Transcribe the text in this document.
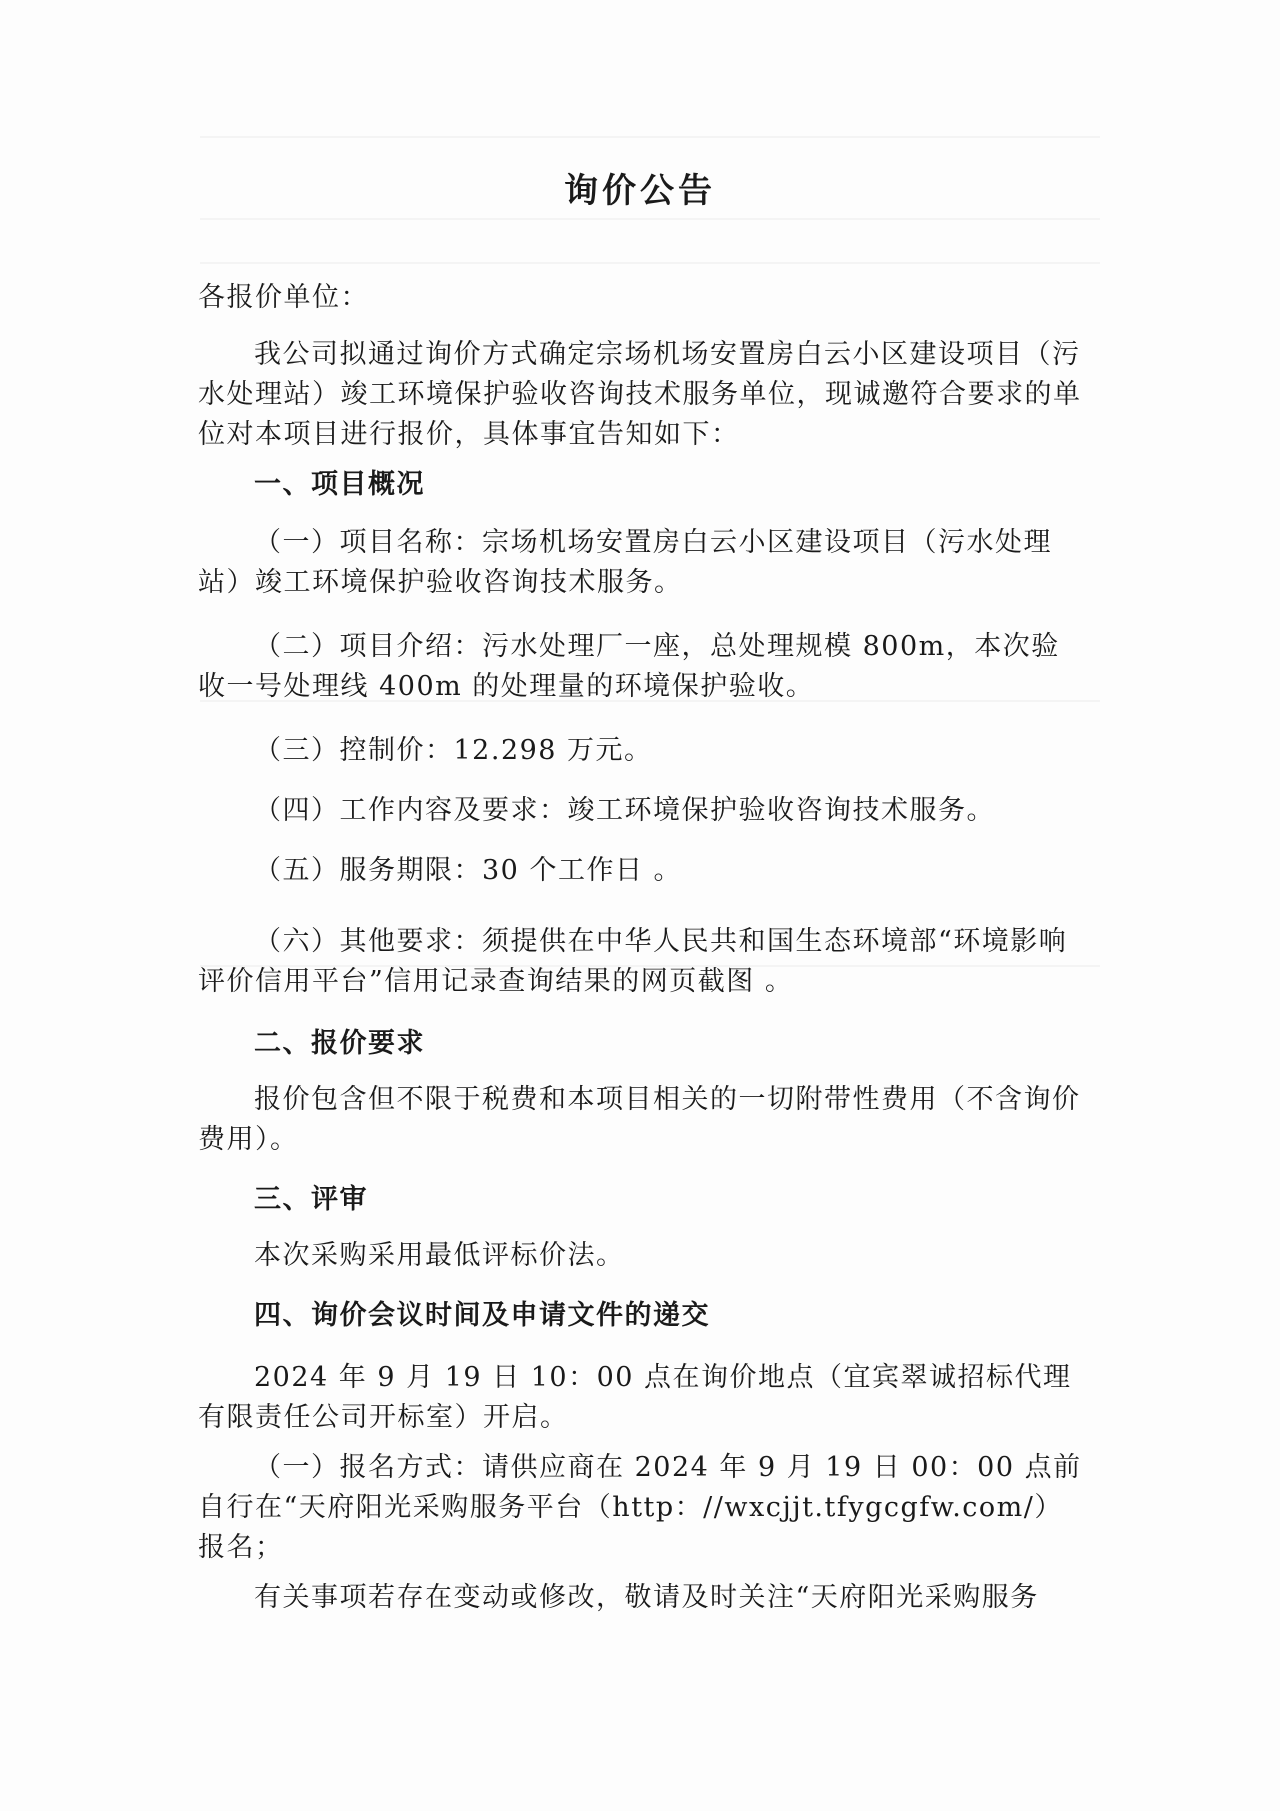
询价公告
各报价单位：
我公司拟通过询价方式确定宗场机场安置房白云小区建设项目（污水处理站）竣工环境保护验收咨询技术服务单位，现诚邀符合要求的单位对本项目进行报价，具体事宜告知如下：
一、项目概况
（一）项目名称：宗场机场安置房白云小区建设项目（污水处理站）竣工环境保护验收咨询技术服务。
（二）项目介绍：污水处理厂一座，总处理规模 800m，本次验收一号处理线 400m 的处理量的环境保护验收。
（三）控制价：12.298 万元。
（四）工作内容及要求：竣工环境保护验收咨询技术服务。
（五）服务期限：30 个工作日 。
（六）其他要求：须提供在中华人民共和国生态环境部“环境影响评价信用平台”信用记录查询结果的网页截图 。
二、报价要求
报价包含但不限于税费和本项目相关的一切附带性费用（不含询价费用）。
三、评审
本次采购采用最低评标价法。
四、询价会议时间及申请文件的递交
2024 年 9 月 19 日 10：00 点在询价地点（宜宾翠诚招标代理有限责任公司开标室）开启。
（一）报名方式：请供应商在 2024 年 9 月 19 日 00：00 点前自行在“天府阳光采购服务平台（http：//wxcjjt.tfygcgfw.com/）报名；
有关事项若存在变动或修改，敬请及时关注“天府阳光采购服务
